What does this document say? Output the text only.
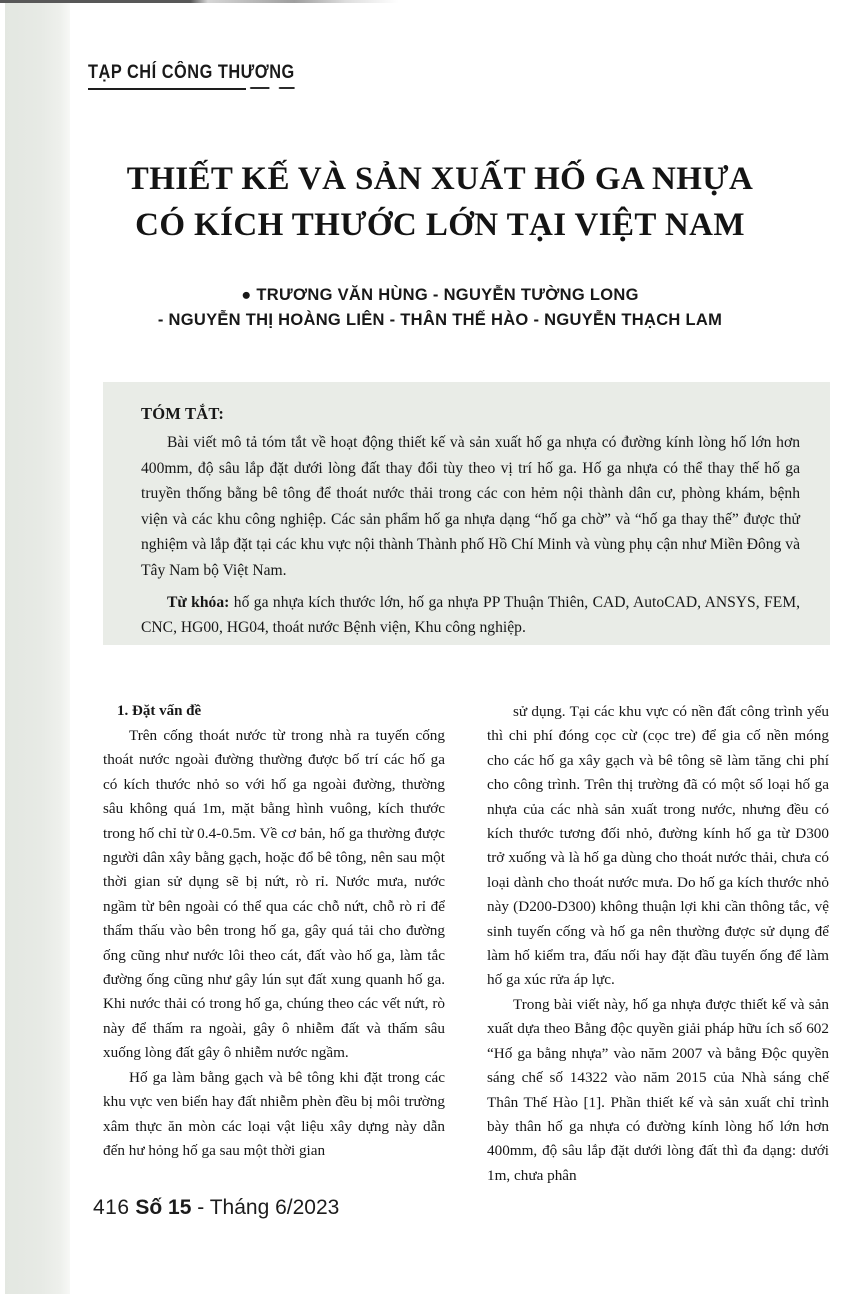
TẠP CHÍ CÔNG THƯƠNG
THIẾT KẾ VÀ SẢN XUẤT HỐ GA NHỰA
CÓ KÍCH THƯỚC LỚN TẠI VIỆT NAM
● TRƯƠNG VĂN HÙNG - NGUYỄN TƯỜNG LONG
- NGUYỄN THỊ HOÀNG LIÊN - THÂN THẾ HÀO - NGUYỄN THẠCH LAM
TÓM TẮT:

Bài viết mô tả tóm tắt về hoạt động thiết kế và sản xuất hố ga nhựa có đường kính lòng hố lớn hơn 400mm, độ sâu lắp đặt dưới lòng đất thay đổi tùy theo vị trí hố ga. Hố ga nhựa có thể thay thế hố ga truyền thống bằng bê tông để thoát nước thải trong các con hẻm nội thành dân cư, phòng khám, bệnh viện và các khu công nghiệp. Các sản phẩm hố ga nhựa dạng “hố ga chờ” và “hố ga thay thế” được thử nghiệm và lắp đặt tại các khu vực nội thành Thành phố Hồ Chí Minh và vùng phụ cận như Miền Đông và Tây Nam bộ Việt Nam.

Từ khóa: hố ga nhựa kích thước lớn, hố ga nhựa PP Thuận Thiên, CAD, AutoCAD, ANSYS, FEM, CNC, HG00, HG04, thoát nước Bệnh viện, Khu công nghiệp.

1. Đặt vấn đề

Trên cống thoát nước từ trong nhà ra tuyến cống thoát nước ngoài đường thường được bố trí các hố ga có kích thước nhỏ so với hố ga ngoài đường, thường sâu không quá 1m, mặt bằng hình vuông, kích thước trong hố chỉ từ 0.4-0.5m. Về cơ bản, hố ga thường được người dân xây bằng gạch, hoặc đổ bê tông, nên sau một thời gian sử dụng sẽ bị nứt, rò rỉ. Nước mưa, nước ngầm từ bên ngoài có thể qua các chỗ nứt, chỗ rò rỉ để thẩm thấu vào bên trong hố ga, gây quá tải cho đường ống cũng như nước lôi theo cát, đất vào hố ga, làm tắc đường ống cũng như gây lún sụt đất xung quanh hố ga. Khi nước thải có trong hố ga, chúng theo các vết nứt, rò này để thấm ra ngoài, gây ô nhiễm đất và thấm sâu xuống lòng đất gây ô nhiễm nước ngầm.

Hố ga làm bằng gạch và bê tông khi đặt trong các khu vực ven biển hay đất nhiễm phèn đều bị môi trường xâm thực ăn mòn các loại vật liệu xây dựng này dẫn đến hư hỏng hố ga sau một thời gian

sử dụng. Tại các khu vực có nền đất công trình yếu thì chi phí đóng cọc cừ (cọc tre) để gia cố nền móng cho các hố ga xây gạch và bê tông sẽ làm tăng chi phí cho công trình. Trên thị trường đã có một số loại hố ga nhựa của các nhà sản xuất trong nước, nhưng đều có kích thước tương đối nhỏ, đường kính hố ga từ D300 trở xuống và là hố ga dùng cho thoát nước thải, chưa có loại dành cho thoát nước mưa. Do hố ga kích thước nhỏ này (D200-D300) không thuận lợi khi cần thông tắc, vệ sinh tuyến cống và hố ga nên thường được sử dụng để làm hố kiểm tra, đấu nối hay đặt đầu tuyến ống để làm hố ga xúc rửa áp lực.

Trong bài viết này, hố ga nhựa được thiết kế và sản xuất dựa theo Bằng độc quyền giải pháp hữu ích số 602 “Hố ga bằng nhựa” vào năm 2007 và bằng Độc quyền sáng chế số 14322 vào năm 2015 của Nhà sáng chế Thân Thế Hào [1]. Phần thiết kế và sản xuất chỉ trình bày thân hố ga nhựa có đường kính lòng hố lớn hơn 400mm, độ sâu lắp đặt dưới lòng đất thì đa dạng: dưới 1m, chưa phân

416 Số 15 - Tháng 6/2023
